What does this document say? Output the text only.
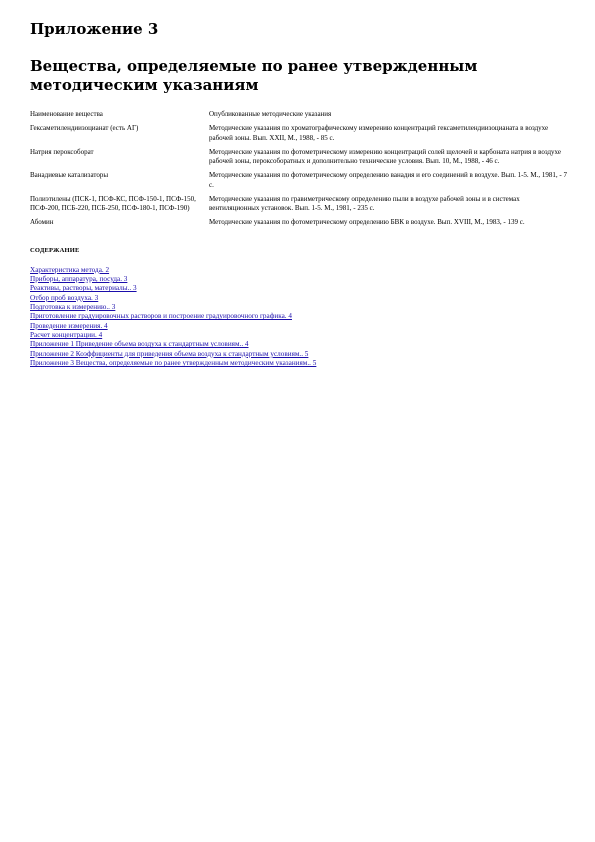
Приложение 3
Вещества, определяемые по ранее утвержденным методическим указаниям
Наименование вещества	Опубликованные методические указания
Гексаметилендиизоцианат (есть АГ)	Методические указания по хроматографическому измерению концентраций гексаметилендиизоцианата в воздухе рабочей зоны. Вып. XXII, М., 1988, - 85 с.
Натрия пероксоборат	Методические указания по фотометрическому измерению концентраций солей щелочей и карбоната натрия в воздухе рабочей зоны, пероксоборатных и дополнительно технические условия. Вып. 10, М., 1988, - 46 с.
Ванадиевые катализаторы	Методические указания по фотометрическому определению ванадия и его соединений в воздухе. Вып. 1-5. М., 1981, - 7 с.
Полиэтилены (ПСК-1, ПСФ-КС, ПСФ-150-1, ПСФ-150, ПСФ-200, ПСБ-220, ПСБ-250, ПСФ-180-1, ПСФ-190)	Методические указания по гравиметрическому определению пыли в воздухе рабочей зоны и в системах вентиляционных установок. Вып. 1-5. М., 1981, - 235 с.
Абомин	Методические указания по фотометрическому определению БВК в воздухе. Вып. XVIII, М., 1983, - 139 с.
СОДЕРЖАНИЕ
Характеристика метода. 2
Приборы, аппаратура, посуда. 3
Реактивы, растворы, материалы.. 3
Отбор проб воздуха. 3
Подготовка к измерению.. 3
Приготовление градуировочных растворов и построение градуировочного графика. 4
Проведение измерения. 4
Расчет концентрации. 4
Приложение 1 Приведение объема воздуха к стандартным условиям.. 4
Приложение 2 Коэффициенты для приведения объема воздуха к стандартным условиям.. 5
Приложение 3 Вещества, определяемые по ранее утвержденным методическим указаниям.. 5
